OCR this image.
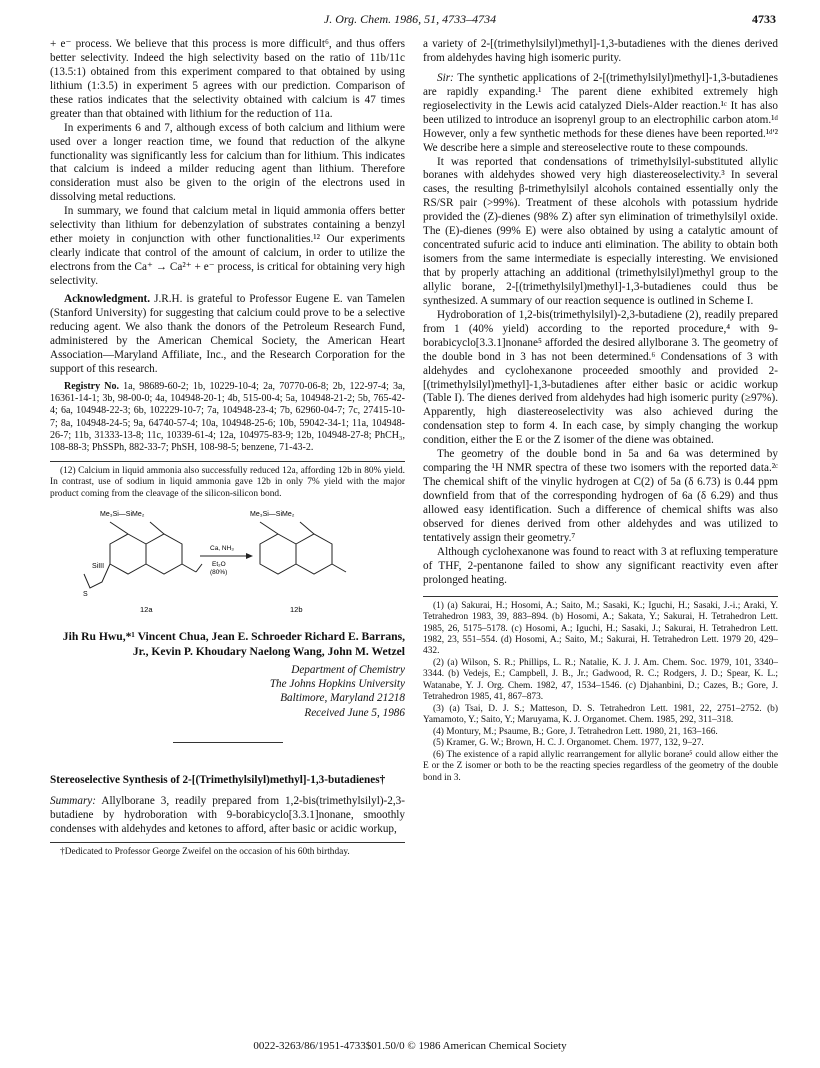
J. Org. Chem. 1986, 51, 4733–4734	4733

+ e⁻ process. We believe that this process is more difficult⁶, and thus offers better selectivity. Indeed the high selectivity based on the ratio of 11b/11c (13.5:1) obtained from this experiment compared to that obtained by using lithium (1:3.5) in experiment 5 agrees with our prediction. Comparison of these ratios indicates that the selectivity obtained with calcium is 47 times greater than that obtained with lithium for the reduction of 11a.

In experiments 6 and 7, although excess of both calcium and lithium were used over a longer reaction time, we found that reduction of the alkyne functionality was significantly less for calcium than for lithium. This indicates that calcium is indeed a milder reducing agent than lithium. Therefore consideration must also be given to the origin of the electrons used in dissolving metal reductions.

In summary, we found that calcium metal in liquid ammonia offers better selectivity than lithium for debenzylation of substrates containing a benzyl ether moiety in conjunction with other functionalities.¹² Our experiments clearly indicate that control of the amount of calcium, in order to utilize the electrons from the Ca⁺ → Ca²⁺ + e⁻ process, is critical for obtaining very high selectivity.

Acknowledgment. J.R.H. is grateful to Professor Eugene E. van Tamelen (Stanford University) for suggesting that calcium could prove to be a selective reducing agent. We also thank the donors of the Petroleum Research Fund, administered by the American Chemical Society, the American Heart Association—Maryland Affiliate, Inc., and the Research Corporation for the support of this research.

Registry No. 1a, 98689-60-2; 1b, 10229-10-4; 2a, 70770-06-8; 2b, 122-97-4; 3a, 16361-14-1; 3b, 98-00-0; 4a, 104948-20-1; 4b, 515-00-4; 5a, 104948-21-2; 5b, 765-42-4; 6a, 104948-22-3; 6b, 102229-10-7; 7a, 104948-23-4; 7b, 62960-04-7; 7c, 27415-10-7; 8a, 104948-24-5; 9a, 64740-57-4; 10a, 104948-25-6; 10b, 59042-34-1; 11a, 104948-26-7; 11b, 31333-13-8; 11c, 10339-61-4; 12a, 104975-83-9; 12b, 104948-27-8; PhCH₃, 108-88-3; PhSSPh, 882-33-7; PhSH, 108-98-5; benzene, 71-43-2.

(12) Calcium in liquid ammonia also successfully reduced 12a, affording 12b in 80% yield. In contrast, use of sodium in liquid ammonia gave 12b in only 7% yield with the major product coming from the cleavage of the silicon-silicon bond.

Me₃Si—SiMe₂	Me₃Si—SiMe₂
SiIII
S
Ca, NH₃
Et₂O
(80%)
12a	12b
Jih Ru Hwu,*¹ Vincent Chua, Jean E. Schroeder Richard E. Barrans, Jr., Kevin P. Khoudary Naelong Wang, John M. Wetzel
Department of Chemistry
The Johns Hopkins University
Baltimore, Maryland 21218
Received June 5, 1986
Stereoselective Synthesis of 2-[(Trimethylsilyl)methyl]-1,3-butadienes†

Summary: Allylborane 3, readily prepared from 1,2-bis(trimethylsilyl)-2,3-butadiene by hydroboration with 9-borabicyclo[3.3.1]nonane, smoothly condenses with aldehydes and ketones to afford, after basic or acidic workup,

†Dedicated to Professor George Zweifel on the occasion of his 60th birthday.

a variety of 2-[(trimethylsilyl)methyl]-1,3-butadienes with the dienes derived from aldehydes having high isomeric purity.

Sir: The synthetic applications of 2-[(trimethylsilyl)methyl]-1,3-butadienes are rapidly expanding.¹ The parent diene exhibited extremely high regioselectivity in the Lewis acid catalyzed Diels-Alder reaction.¹ᶜ It has also been utilized to introduce an isoprenyl group to an electrophilic carbon atom.¹ᵈ However, only a few synthetic methods for these dienes have been reported.¹ᵈ'² We describe here a simple and stereoselective route to these compounds.

It was reported that condensations of trimethylsilyl-substituted allylic boranes with aldehydes showed very high diastereoselectivity.³ In several cases, the resulting β-trimethylsilyl alcohols contained essentially only the RS/SR pair (>99%). Treatment of these alcohols with potassium hydride provided the (Z)-dienes (98% Z) after syn elimination of trimethylsilyl oxide. The (E)-dienes (99% E) were also obtained by using a catalytic amount of concentrated sufuric acid to induce anti elimination. The ability to obtain both isomers from the same intermediate is especially interesting. We envisioned that by properly attaching an additional (trimethylsilyl)methyl group to the allylic borane, 2-[(trimethylsilyl)methyl]-1,3-butadienes could thus be synthesized. A summary of our reaction sequence is outlined in Scheme I.

Hydroboration of 1,2-bis(trimethylsilyl)-2,3-butadiene (2), readily prepared from 1 (40% yield) according to the reported procedure,⁴ with 9-borabicyclo[3.3.1]nonane⁵ afforded the desired allylborane 3. The geometry of the double bond in 3 has not been determined.⁶ Condensations of 3 with aldehydes and cyclohexanone proceeded smoothly and provided 2-[(trimethylsilyl)methyl]-1,3-butadienes after either basic or acidic workup (Table I). The dienes derived from aldehydes had high isomeric purity (≥97%). Apparently, high diastereoselectivity was also achieved during the condensation step to form 4. In each case, by simply changing the workup condition, either the E or the Z isomer of the diene was obtained.

The geometry of the double bond in 5a and 6a was determined by comparing the ¹H NMR spectra of these two isomers with the reported data.²ᶜ The chemical shift of the vinylic hydrogen at C(2) of 5a (δ 6.73) is 0.44 ppm downfield from that of the corresponding hydrogen of 6a (δ 6.29) and thus allowed easy identification. Such a difference of chemical shifts was also observed for dienes derived from other aldehydes and was utilized to tentatively assign their geometry.⁷

Although cyclohexanone was found to react with 3 at refluxing temperature of THF, 2-pentanone failed to show any significant reactivity even after prolonged heating.

(1) (a) Sakurai, H.; Hosomi, A.; Saito, M.; Sasaki, K.; Iguchi, H.; Sasaki, J.-i.; Araki, Y. Tetrahedron 1983, 39, 883–894. (b) Hosomi, A.; Sakata, Y.; Sakurai, H. Tetrahedron Lett. 1985, 26, 5175–5178. (c) Hosomi, A.; Iguchi, H.; Sasaki, J.; Sakurai, H. Tetrahedron Lett. 1982, 23, 551–554. (d) Hosomi, A.; Saito, M.; Sakurai, H. Tetrahedron Lett. 1979 20, 429–432.

(2) (a) Wilson, S. R.; Phillips, L. R.; Natalie, K. J. J. Am. Chem. Soc. 1979, 101, 3340–3344. (b) Vedejs, E.; Campbell, J. B., Jr.; Gadwood, R. C.; Rodgers, J. D.; Spear, K. L.; Watanabe, Y. J. Org. Chem. 1982, 47, 1534–1546. (c) Djahanbini, D.; Cazes, B.; Gore, J. Tetrahedron 1985, 41, 867–873.

(3) (a) Tsai, D. J. S.; Matteson, D. S. Tetrahedron Lett. 1981, 22, 2751–2752. (b) Yamamoto, Y.; Saito, Y.; Maruyama, K. J. Organomet. Chem. 1985, 292, 311–318.

(4) Montury, M.; Psaume, B.; Gore, J. Tetrahedron Lett. 1980, 21, 163–166.

(5) Kramer, G. W.; Brown, H. C. J. Organomet. Chem. 1977, 132, 9–27.

(6) The existence of a rapid allylic rearrangement for allylic borane⁵ could allow either the E or the Z isomer or both to be the reacting species regardless of the geometry of the double bond in 3.

0022-3263/86/1951-4733$01.50/0 © 1986 American Chemical Society
